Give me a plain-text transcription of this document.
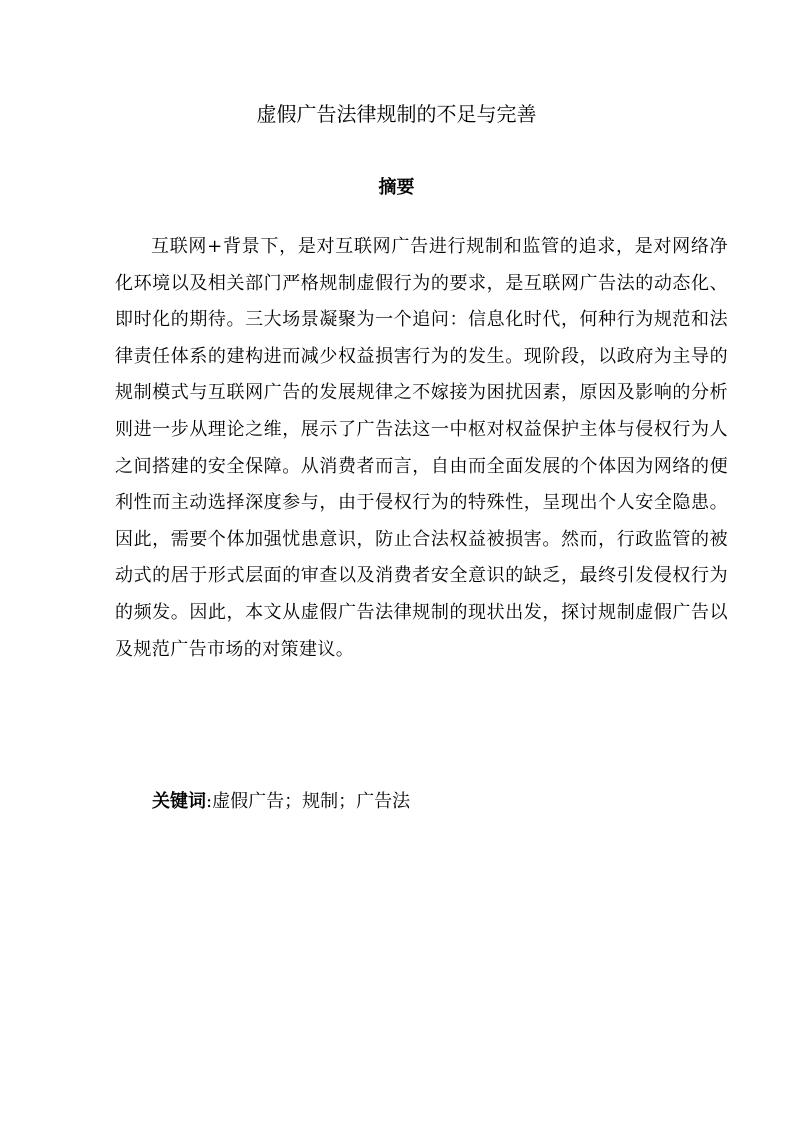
虚假广告法律规制的不足与完善
摘要

互联网+背景下，是对互联网广告进行规制和监管的追求，是对网络净化环境以及相关部门严格规制虚假行为的要求，是互联网广告法的动态化、即时化的期待。三大场景凝聚为一个追问：信息化时代，何种行为规范和法律责任体系的建构进而减少权益损害行为的发生。现阶段，以政府为主导的规制模式与互联网广告的发展规律之不嫁接为困扰因素，原因及影响的分析则进一步从理论之维，展示了广告法这一中枢对权益保护主体与侵权行为人之间搭建的安全保障。从消费者而言，自由而全面发展的个体因为网络的便利性而主动选择深度参与，由于侵权行为的特殊性，呈现出个人安全隐患。因此，需要个体加强忧患意识，防止合法权益被损害。然而，行政监管的被动式的居于形式层面的审查以及消费者安全意识的缺乏，最终引发侵权行为的频发。因此，本文从虚假广告法律规制的现状出发，探讨规制虚假广告以及规范广告市场的对策建议。

关键词:虚假广告；规制；广告法
